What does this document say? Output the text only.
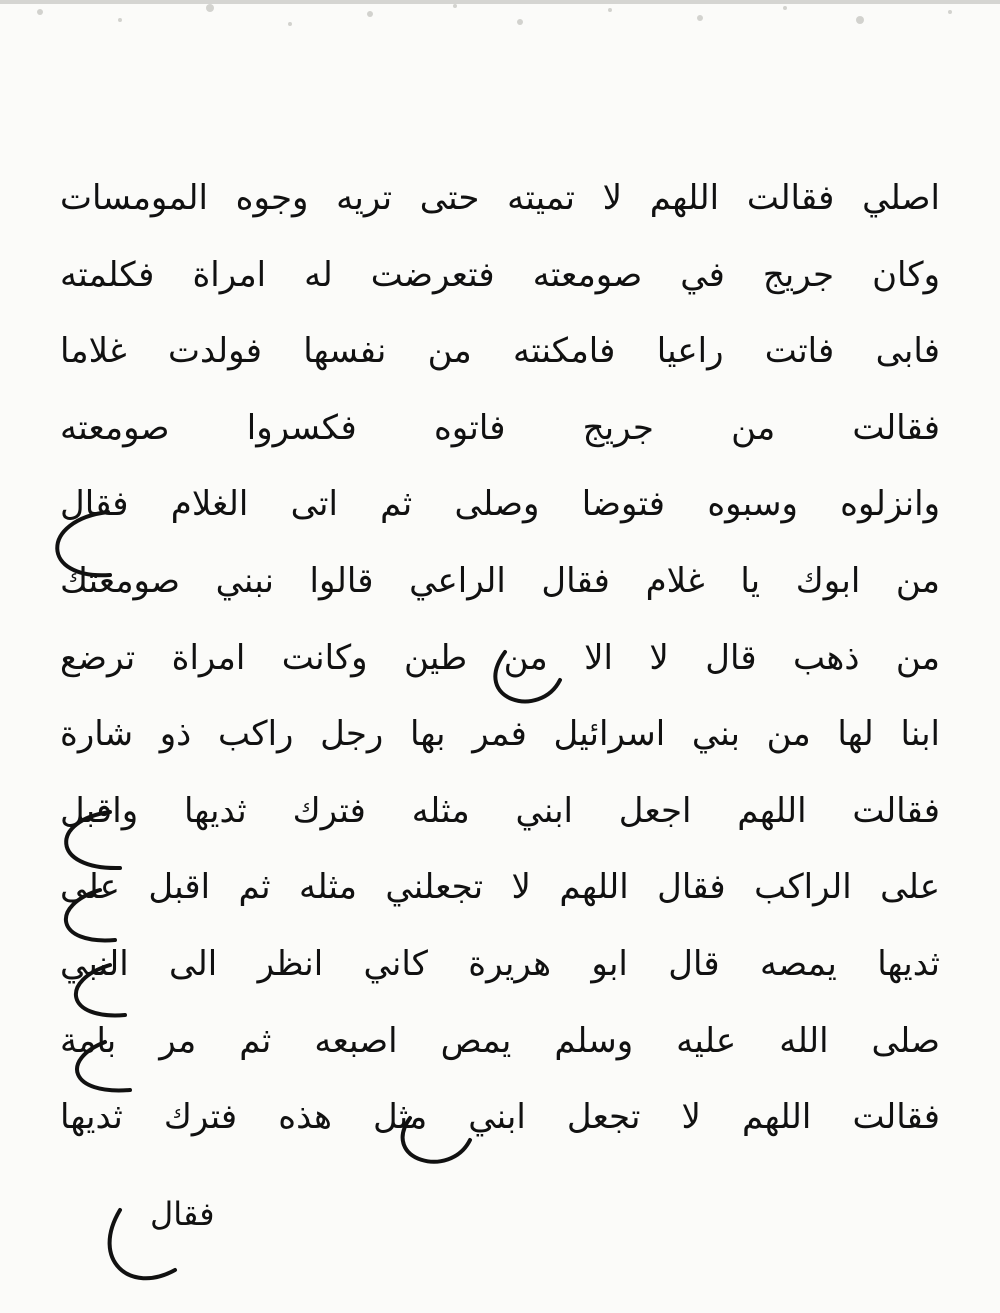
اصلي فقالت اللهم لا تميته حتى تريه وجوه المومسات
وكان جريج في صومعته فتعرضت له امراة فكلمته
فابى فاتت راعيا فامكنته من نفسها فولدت غلاما
فقالت من جريج فاتوه فكسروا صومعته
وانزلوه وسبوه فتوضا وصلى ثم اتى الغلام فقال
من ابوك يا غلام فقال الراعي قالوا نبني صومعتك
من ذهب قال لا الا من طين وكانت امراة ترضع
ابنا لها من بني اسرائيل فمر بها رجل راكب ذو شارة
فقالت اللهم اجعل ابني مثله فترك ثديها واقبل
على الراكب فقال اللهم لا تجعلني مثله ثم اقبل على
ثديها يمصه قال ابو هريرة كاني انظر الى النبي
صلى الله عليه وسلم يمص اصبعه ثم مر بامة
فقالت اللهم لا تجعل ابني مثل هذه فترك ثديها
فقال
